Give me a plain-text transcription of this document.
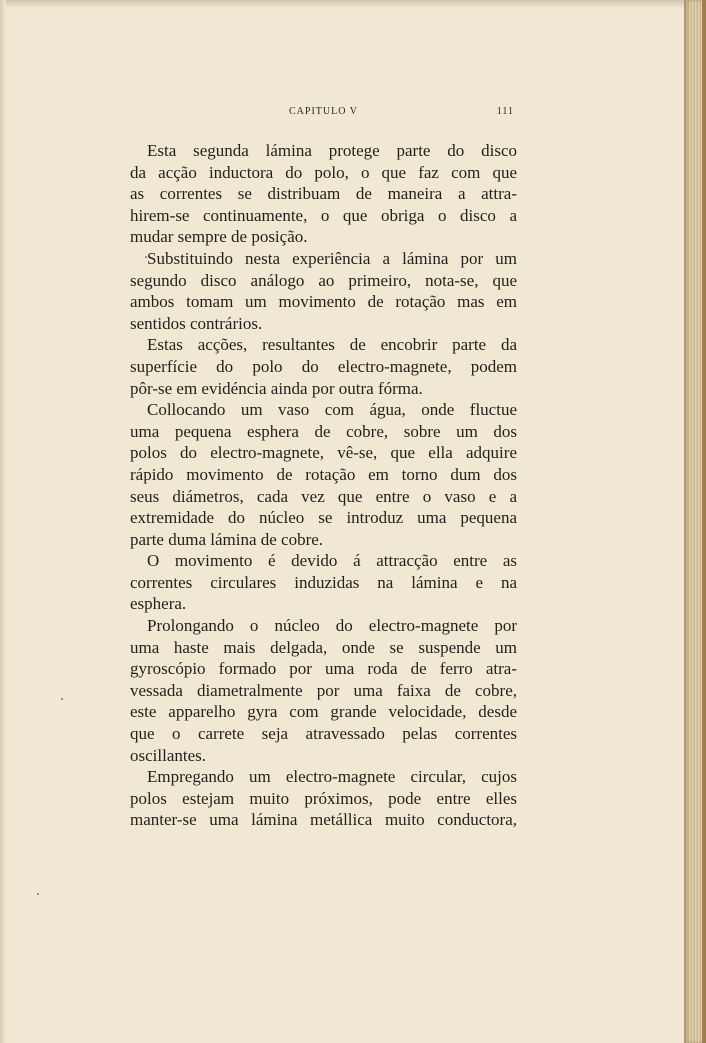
CAPITULO V	111
Esta segunda lámina protege parte do disco
da acção inductora do polo, o que faz com que
as correntes se distribuam de maneira a attra-
hirem-se continuamente, o que obriga o disco a
mudar sempre de posição.
Substituindo nesta experiência a lámina por um
segundo disco análogo ao primeiro, nota-se, que
ambos tomam um movimento de rotação mas em
sentidos contrários.
Estas acções, resultantes de encobrir parte da
superfície do polo do electro-magnete, podem
pôr-se em evidéncia ainda por outra fórma.
Collocando um vaso com água, onde fluctue
uma pequena esphera de cobre, sobre um dos
polos do electro-magnete, vê-se, que ella adquire
rápido movimento de rotação em torno dum dos
seus diámetros, cada vez que entre o vaso e a
extremidade do núcleo se introduz uma pequena
parte duma lámina de cobre.
O movimento é devido á attracção entre as
correntes circulares induzidas na lámina e na
esphera.
Prolongando o núcleo do electro-magnete por
uma haste mais delgada, onde se suspende um
gyroscópio formado por uma roda de ferro atra-
vessada diametralmente por uma faixa de cobre,
este apparelho gyra com grande velocidade, desde
que o carrete seja atravessado pelas correntes
oscillantes.
Empregando um electro-magnete circular, cujos
polos estejam muito próximos, pode entre elles
manter-se uma lámina metállica muito conductora,
